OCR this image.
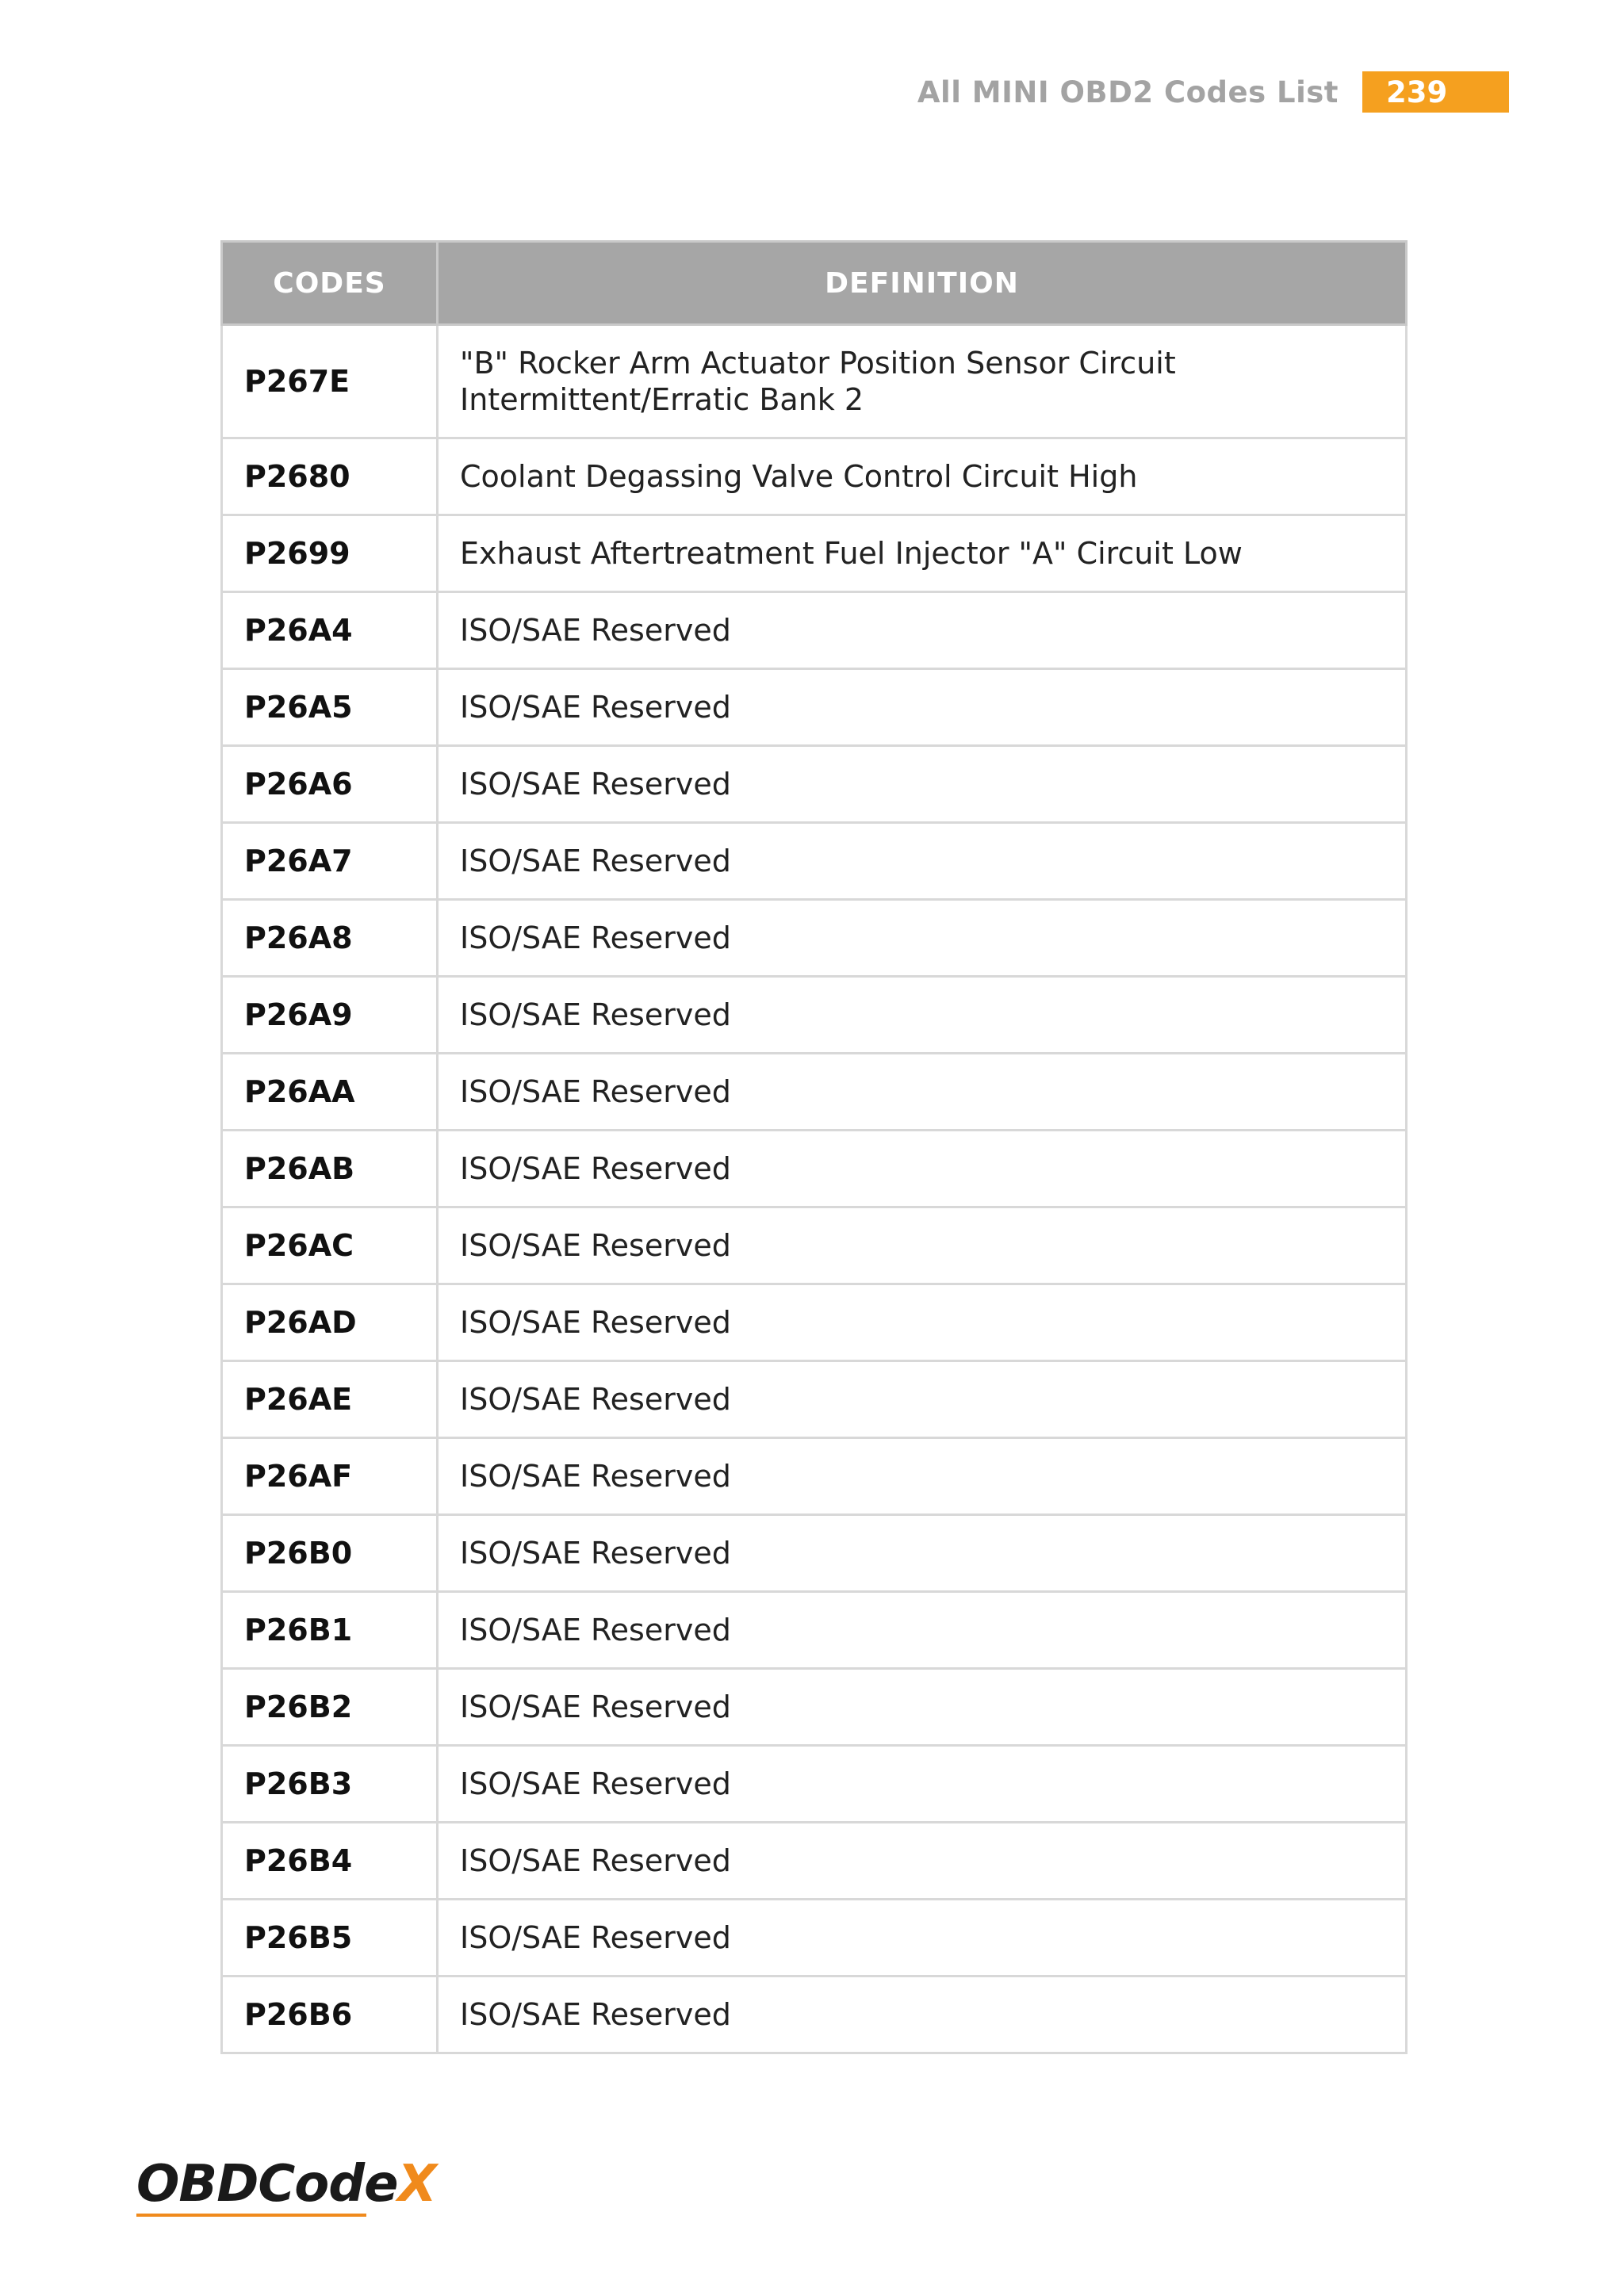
All MINI OBD2 Codes List	239
CODES	DEFINITION
P267E	"B" Rocker Arm Actuator Position Sensor Circuit Intermittent/Erratic Bank 2
P2680	Coolant Degassing Valve Control Circuit High
P2699	Exhaust Aftertreatment Fuel Injector "A" Circuit Low
P26A4	ISO/SAE Reserved
P26A5	ISO/SAE Reserved
P26A6	ISO/SAE Reserved
P26A7	ISO/SAE Reserved
P26A8	ISO/SAE Reserved
P26A9	ISO/SAE Reserved
P26AA	ISO/SAE Reserved
P26AB	ISO/SAE Reserved
P26AC	ISO/SAE Reserved
P26AD	ISO/SAE Reserved
P26AE	ISO/SAE Reserved
P26AF	ISO/SAE Reserved
P26B0	ISO/SAE Reserved
P26B1	ISO/SAE Reserved
P26B2	ISO/SAE Reserved
P26B3	ISO/SAE Reserved
P26B4	ISO/SAE Reserved
P26B5	ISO/SAE Reserved
P26B6	ISO/SAE Reserved
OBDCode X
